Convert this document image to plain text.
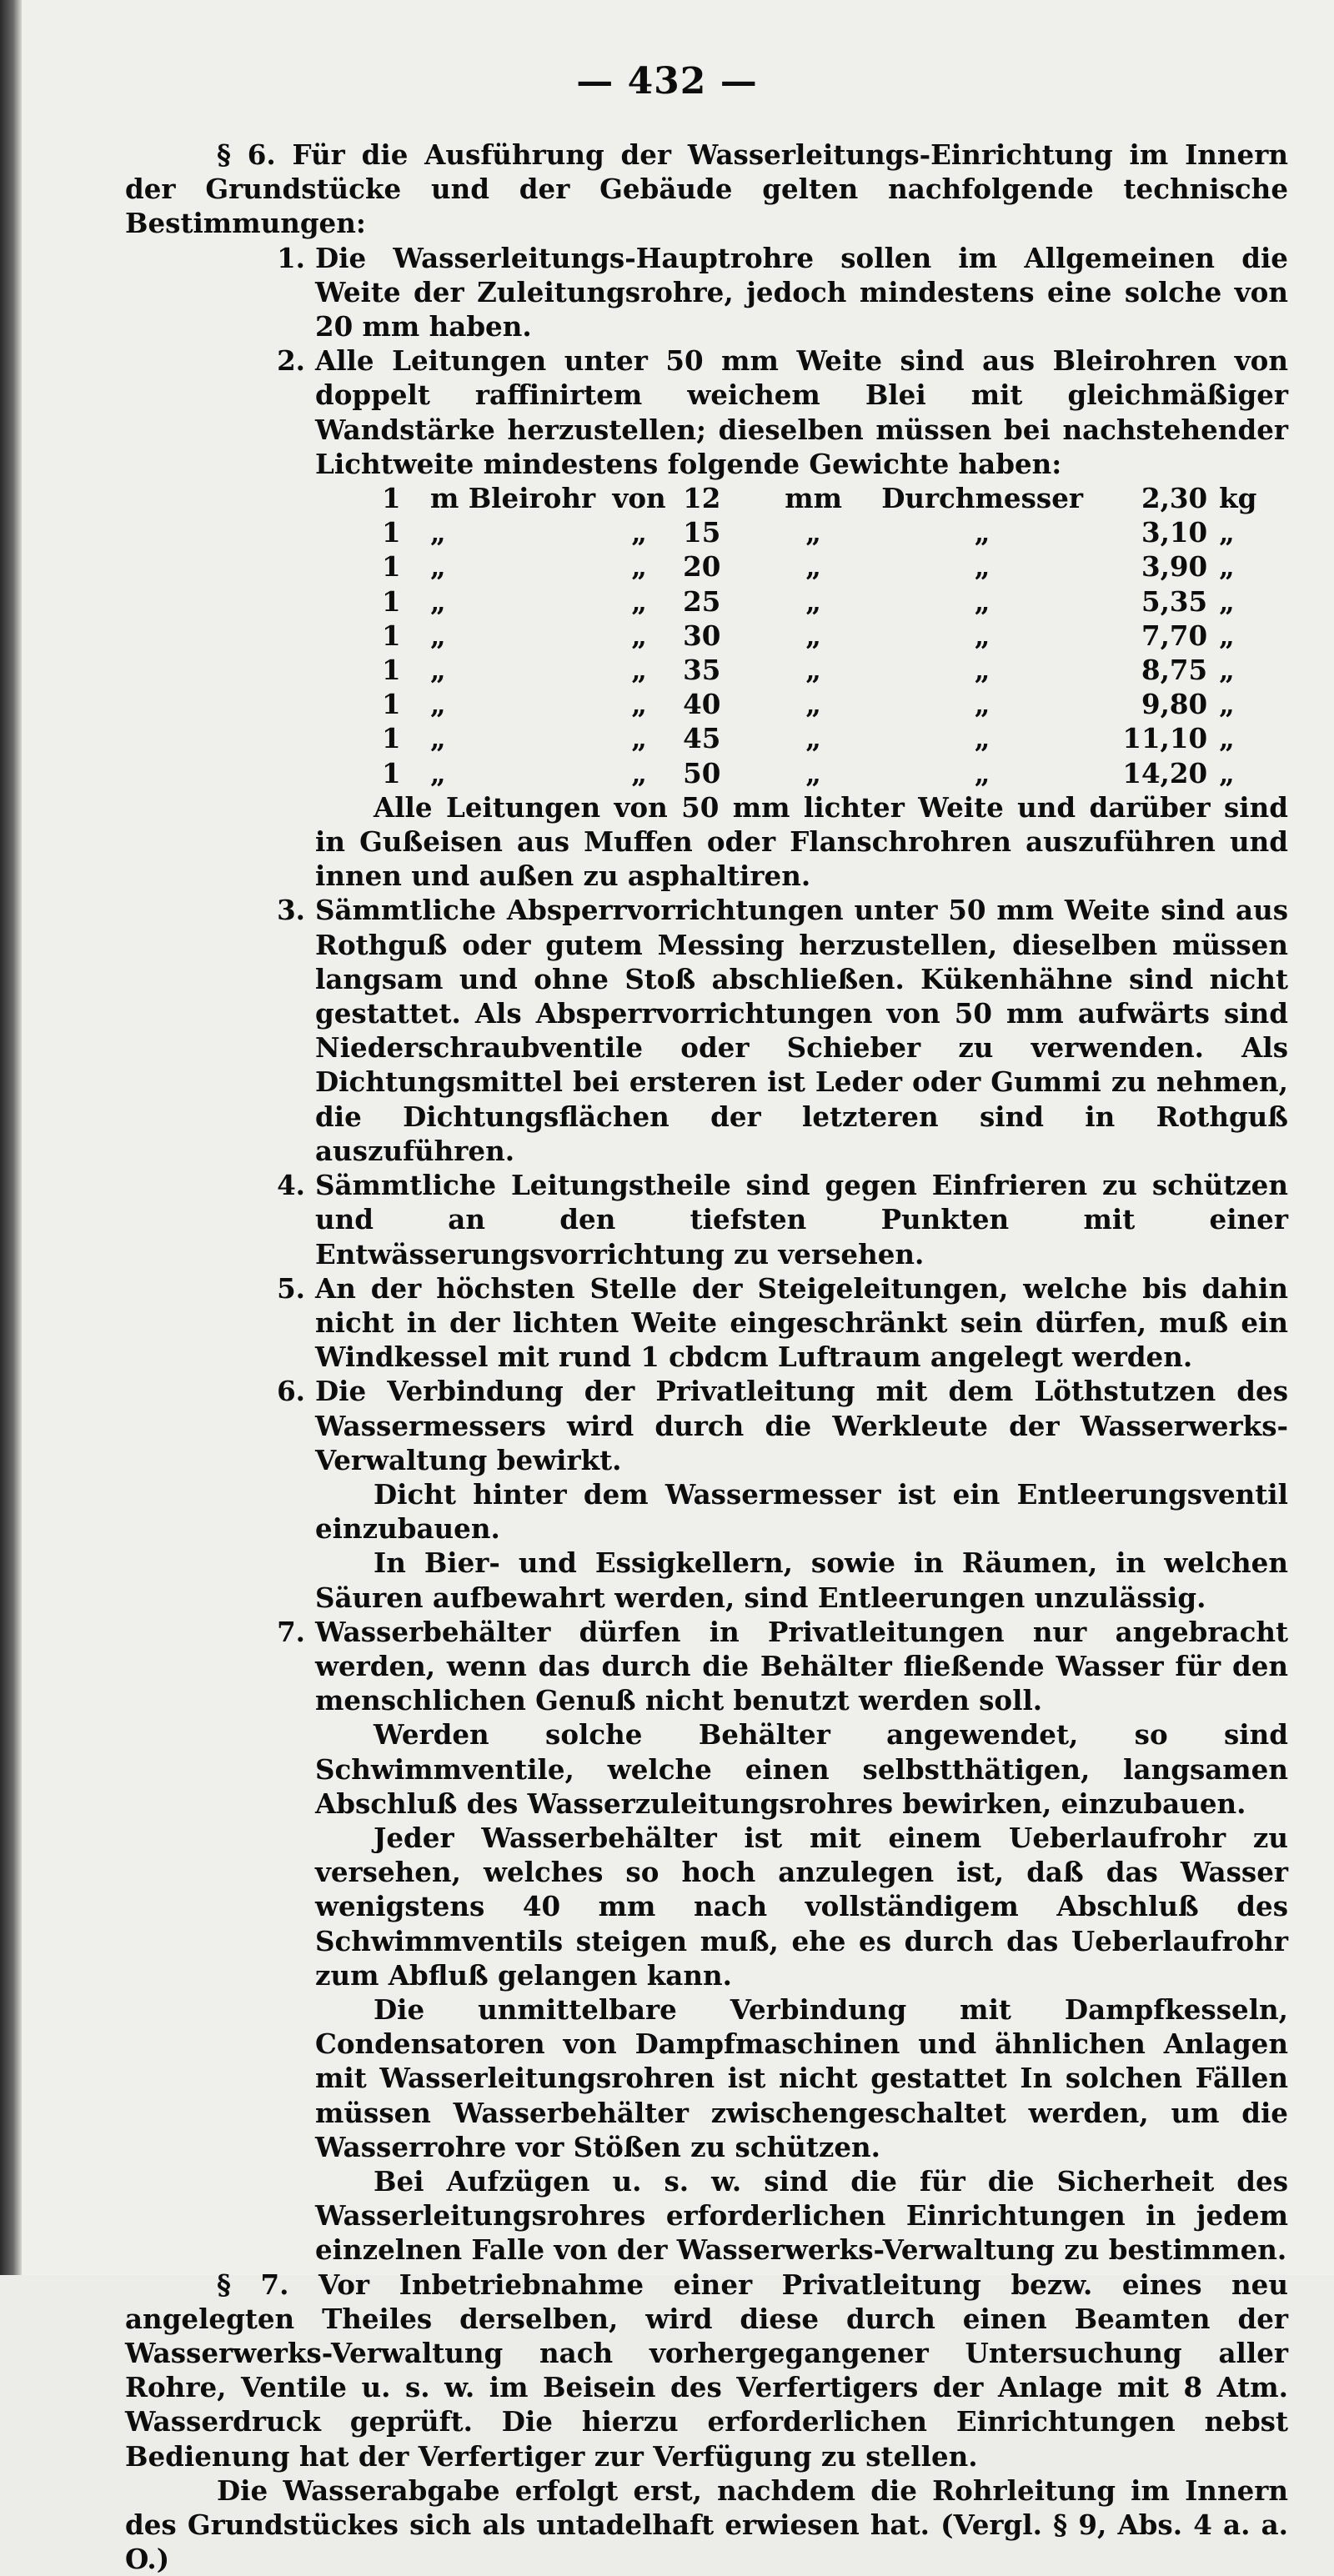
— 432 —

§ 6. Für die Ausführung der Wasserleitungs-Einrichtung im Innern der Grundstücke und der Gebäude gelten nachfolgende technische Bestimmungen:

1. Die Wasserleitungs-Hauptrohre sollen im Allgemeinen die Weite der Zuleitungsrohre, jedoch mindestens eine solche von 20 mm haben.

2. Alle Leitungen unter 50 mm Weite sind aus Bleirohren von doppelt raffinirtem weichem Blei mit gleichmäßiger Wandstärke herzustellen; dieselben müssen bei nachstehender Lichtweite mindestens folgende Gewichte haben:

1	m Bleirohr	von	12	mm	Durchmesser	2,30	kg
1	„	„	15	„	„	3,10	„
1	„	„	20	„	„	3,90	„
1	„	„	25	„	„	5,35	„
1	„	„	30	„	„	7,70	„
1	„	„	35	„	„	8,75	„
1	„	„	40	„	„	9,80	„
1	„	„	45	„	„	11,10	„
1	„	„	50	„	„	14,20	„

Alle Leitungen von 50 mm lichter Weite und darüber sind in Gußeisen aus Muffen oder Flanschrohren auszuführen und innen und außen zu asphaltiren.

3. Sämmtliche Absperrvorrichtungen unter 50 mm Weite sind aus Rothguß oder gutem Messing herzustellen, dieselben müssen langsam und ohne Stoß abschließen. Kükenhähne sind nicht gestattet. Als Absperrvorrichtungen von 50 mm aufwärts sind Niederschraubventile oder Schieber zu verwenden. Als Dichtungsmittel bei ersteren ist Leder oder Gummi zu nehmen, die Dichtungsflächen der letzteren sind in Rothguß auszuführen.

4. Sämmtliche Leitungstheile sind gegen Einfrieren zu schützen und an den tiefsten Punkten mit einer Entwässerungsvorrichtung zu versehen.

5. An der höchsten Stelle der Steigeleitungen, welche bis dahin nicht in der lichten Weite eingeschränkt sein dürfen, muß ein Windkessel mit rund 1 cbdcm Luftraum angelegt werden.

6. Die Verbindung der Privatleitung mit dem Löthstutzen des Wassermessers wird durch die Werkleute der Wasserwerks-Verwaltung bewirkt.

Dicht hinter dem Wassermesser ist ein Entleerungsventil einzubauen.

In Bier- und Essigkellern, sowie in Räumen, in welchen Säuren aufbewahrt werden, sind Entleerungen unzulässig.

7. Wasserbehälter dürfen in Privatleitungen nur angebracht werden, wenn das durch die Behälter fließende Wasser für den menschlichen Genuß nicht benutzt werden soll.

Werden solche Behälter angewendet, so sind Schwimmventile, welche einen selbstthätigen, langsamen Abschluß des Wasserzuleitungsrohres bewirken, einzubauen.

Jeder Wasserbehälter ist mit einem Ueberlaufrohr zu versehen, welches so hoch anzulegen ist, daß das Wasser wenigstens 40 mm nach vollständigem Abschluß des Schwimmventils steigen muß, ehe es durch das Ueberlaufrohr zum Abfluß gelangen kann.

Die unmittelbare Verbindung mit Dampfkesseln, Condensatoren von Dampfmaschinen und ähnlichen Anlagen mit Wasserleitungsrohren ist nicht gestattet In solchen Fällen müssen Wasserbehälter zwischengeschaltet werden, um die Wasserrohre vor Stößen zu schützen.

Bei Aufzügen u. s. w. sind die für die Sicherheit des Wasserleitungsrohres erforderlichen Einrichtungen in jedem einzelnen Falle von der Wasserwerks-Verwaltung zu bestimmen.

§ 7. Vor Inbetriebnahme einer Privatleitung bezw. eines neu angelegten Theiles derselben, wird diese durch einen Beamten der Wasserwerks-Verwaltung nach vorhergegangener Untersuchung aller Rohre, Ventile u. s. w. im Beisein des Verfertigers der Anlage mit 8 Atm. Wasserdruck geprüft. Die hierzu erforderlichen Einrichtungen nebst Bedienung hat der Verfertiger zur Verfügung zu stellen.

Die Wasserabgabe erfolgt erst, nachdem die Rohrleitung im Innern des Grundstückes sich als untadelhaft erwiesen hat. (Vergl. § 9, Abs. 4 a. a. O.)
